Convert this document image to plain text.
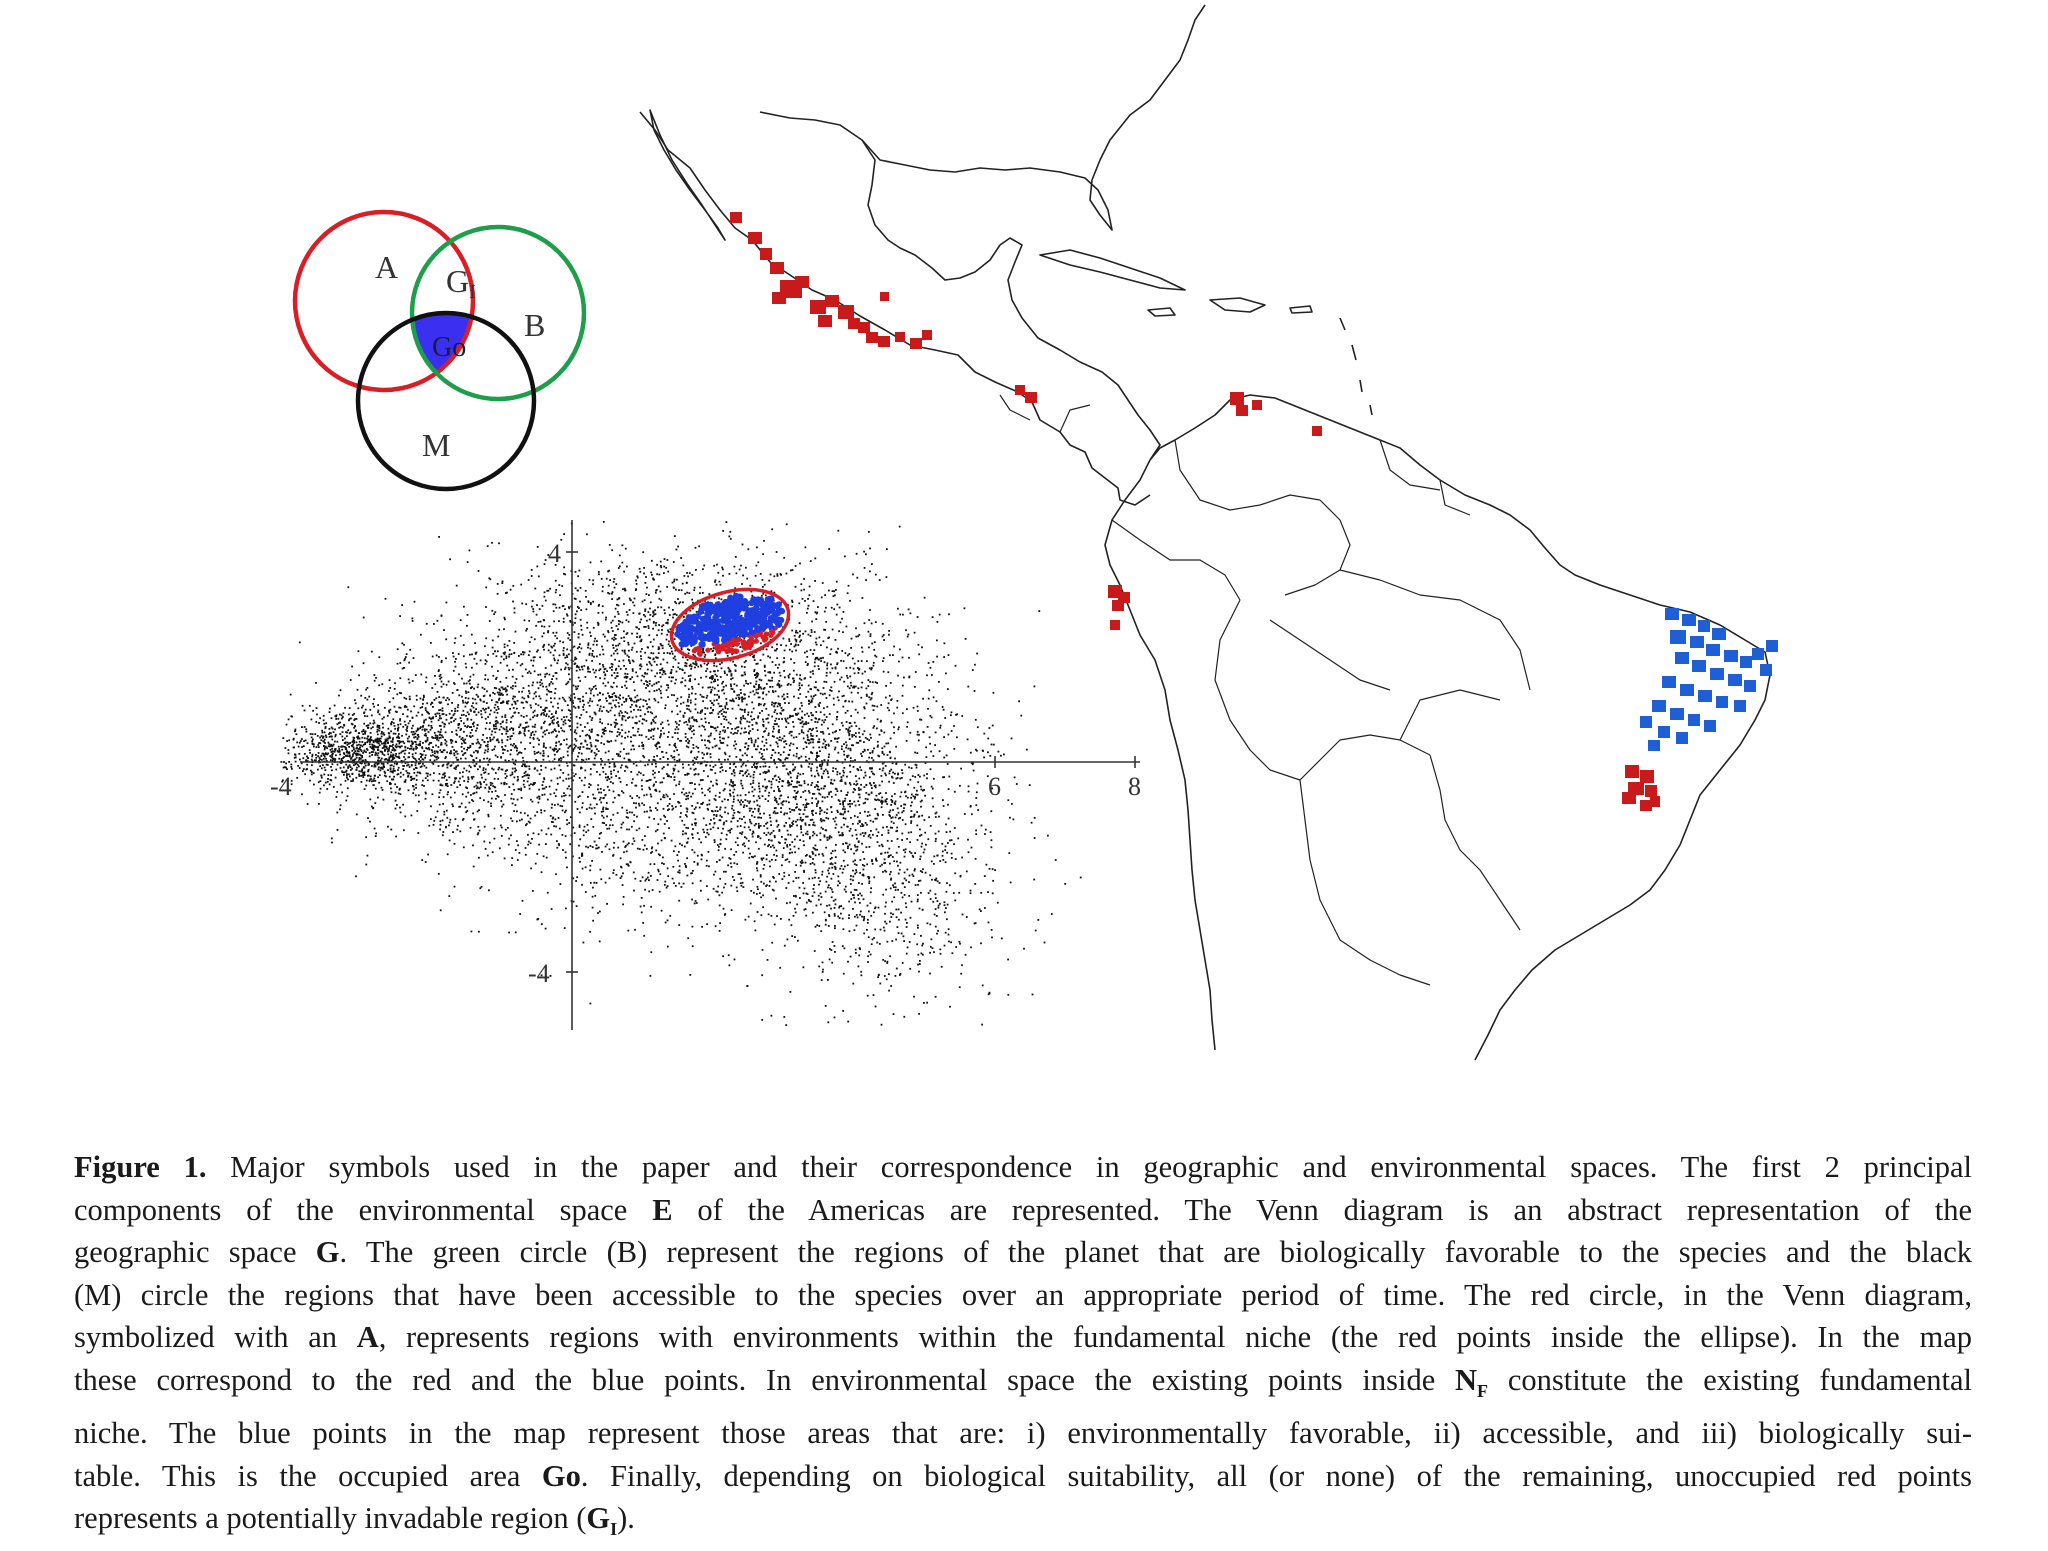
4
-4
-4	6	8
A GI
B
Go
M
Figure 1. Major symbols used in the paper and their correspondence in geographic and environmental spaces. The first 2 principal
components of the environmental space E of the Americas are represented. The Venn diagram is an abstract representation of the
geographic space G. The green circle (B) represent the regions of the planet that are biologically favorable to the species and the black
(M) circle the regions that have been accessible to the species over an appropriate period of time. The red circle, in the Venn diagram,
symbolized with an A, represents regions with environments within the fundamental niche (the red points inside the ellipse). In the map
these correspond to the red and the blue points. In environmental space the existing points inside $N_F$ constitute the existing fundamental
niche. The blue points in the map represent those areas that are: i) environmentally favorable, ii) accessible, and iii) biologically sui-
table. This is the occupied area Go. Finally, depending on biological suitability, all (or none) of the remaining, unoccupied red points
represents a potentially invadable region $(G_I)$.
